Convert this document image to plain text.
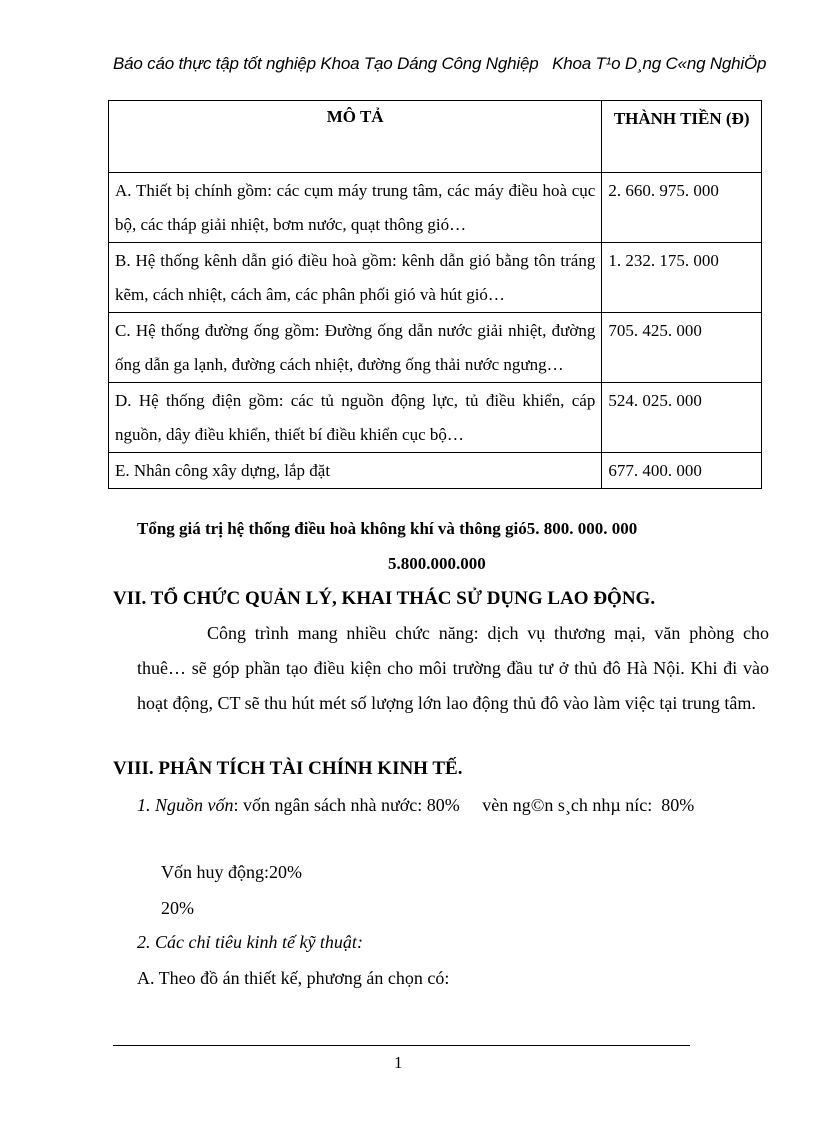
Báo cáo thực tập tốt nghiệp Khoa Tạo Dáng Công Nghiệp Khoa T¹o D¸ng C«ng NghiÖp
MÔ TẢ	THÀNH TIỀN (Đ)
A. Thiết bị chính gồm: các cụm máy trung tâm, các máy điều hoà cục bộ, các tháp giải nhiệt, bơm nước, quạt thông gió…	2. 660. 975. 000
B. Hệ thống kênh dẫn gió điều hoà gồm: kênh dẫn gió bằng tôn tráng kẽm, cách nhiệt, cách âm, các phân phối gió và hút gió…	1. 232. 175. 000
C. Hệ thống đường ống gồm: Đường ống dẫn nước giải nhiệt, đường ống dẫn ga lạnh, đường cách nhiệt, đường ống thải nước ngưng…	705. 425. 000
D. Hệ thống điện gồm: các tủ nguồn động lực, tủ điều khiển, cáp nguồn, dây điều khiển, thiết bí điều khiển cục bộ…	524. 025. 000
E. Nhân công xây dựng, lắp đặt	677. 400. 000
Tổng giá trị hệ thống điều hoà không khí và thông gió5. 800. 000. 000
5.800.000.000
VII. TỔ CHỨC QUẢN LÝ, KHAI THÁC SỬ DỤNG LAO ĐỘNG.
Công trình mang nhiều chức năng: dịch vụ thương mại, văn phòng cho thuê… sẽ góp phần tạo điều kiện cho môi trường đầu tư ở thủ đô Hà Nội. Khi đi vào hoạt động, CT sẽ thu hút mét số lượng lớn lao động thủ đô vào làm việc tại trung tâm.
VIII. PHÂN TÍCH TÀI CHÍNH KINH TẾ.
1. Nguồn vốn: vốn ngân sách nhà nước: 80% vèn ng©n s¸ch nhµ níc:  80%
Vốn huy động:20%
20%
2. Các chỉ tiêu kinh tế kỹ thuật:
A. Theo đồ án thiết kế, phương án chọn có:
1
